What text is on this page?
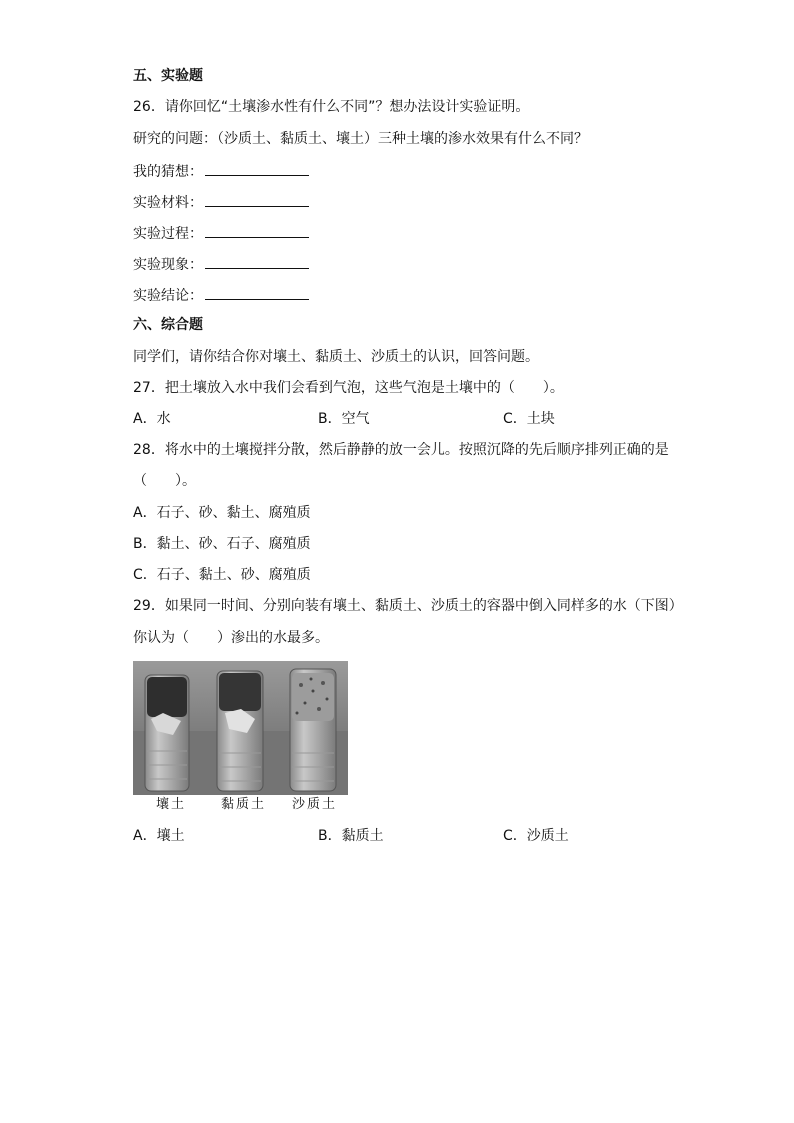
五、实验题
26．请你回忆“土壤渗水性有什么不同”？想办法设计实验证明。
研究的问题：（沙质土、黏质土、壤土）三种土壤的渗水效果有什么不同？
我的猜想：
实验材料：
实验过程：
实验现象：
实验结论：
六、综合题
同学们，请你结合你对壤土、黏质土、沙质土的认识，回答问题。
27．把土壤放入水中我们会看到气泡，这些气泡是土壤中的（　　）。
A．水	B．空气	C．土块
28．将水中的土壤搅拌分散，然后静静的放一会儿。按照沉降的先后顺序排列正确的是
（　　）。
A．石子、砂、黏土、腐殖质
B．黏土、砂、石子、腐殖质
C．石子、黏土、砂、腐殖质
29．如果同一时间、分别向装有壤土、黏质土、沙质土的容器中倒入同样多的水（下图）
你认为（　　）渗出的水最多。
壤土	黏质土 沙质土
A．壤土	B．黏质土	C．沙质土
